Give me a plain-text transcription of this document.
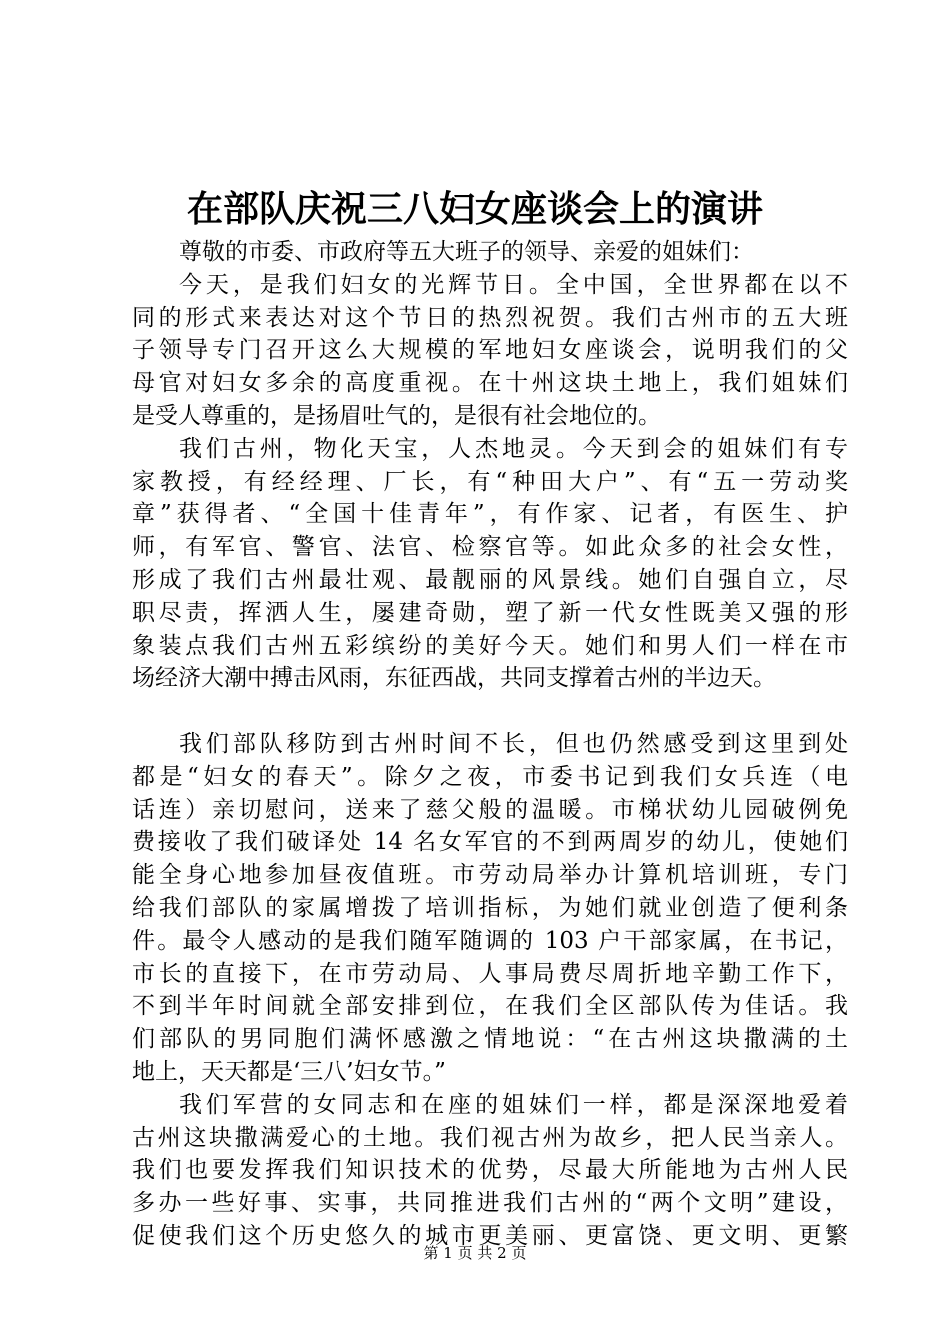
在部队庆祝三八妇女座谈会上的演讲
尊敬的市委、市政府等五大班子的领导、亲爱的姐妹们：
今天，是我们妇女的光辉节日。全中国，全世界都在以不
同的形式来表达对这个节日的热烈祝贺。我们古州市的五大班
子领导专门召开这么大规模的军地妇女座谈会，说明我们的父
母官对妇女多余的高度重视。在十州这块土地上，我们姐妹们
是受人尊重的，是扬眉吐气的，是很有社会地位的。
我们古州，物化天宝，人杰地灵。今天到会的姐妹们有专
家教授，有经经理、厂长，有“种田大户”、有“五一劳动奖
章”获得者、“全国十佳青年”，有作家、记者，有医生、护
师，有军官、警官、法官、检察官等。如此众多的社会女性，
形成了我们古州最壮观、最靓丽的风景线。她们自强自立，尽
职尽责，挥洒人生，屡建奇勋，塑了新一代女性既美又强的形
象装点我们古州五彩缤纷的美好今天。她们和男人们一样在市
场经济大潮中搏击风雨，东征西战，共同支撑着古州的半边天。
我们部队移防到古州时间不长，但也仍然感受到这里到处
都是“妇女的春天”。除夕之夜，市委书记到我们女兵连（电
话连）亲切慰问，送来了慈父般的温暖。市梯状幼儿园破例免
费接收了我们破译处 14 名女军官的不到两周岁的幼儿，使她们
能全身心地参加昼夜值班。市劳动局举办计算机培训班，专门
给我们部队的家属增拨了培训指标，为她们就业创造了便利条
件。最令人感动的是我们随军随调的 103 户干部家属，在书记，
市长的直接下，在市劳动局、人事局费尽周折地辛勤工作下，
不到半年时间就全部安排到位，在我们全区部队传为佳话。我
们部队的男同胞们满怀感激之情地说：“在古州这块撒满的土
地上，天天都是‘三八’妇女节。”
我们军营的女同志和在座的姐妹们一样，都是深深地爱着
古州这块撒满爱心的土地。我们视古州为故乡，把人民当亲人。
我们也要发挥我们知识技术的优势，尽最大所能地为古州人民
多办一些好事、实事，共同推进我们古州的“两个文明”建设，
促使我们这个历史悠久的城市更美丽、更富饶、更文明、更繁
第 1 页 共 2 页
